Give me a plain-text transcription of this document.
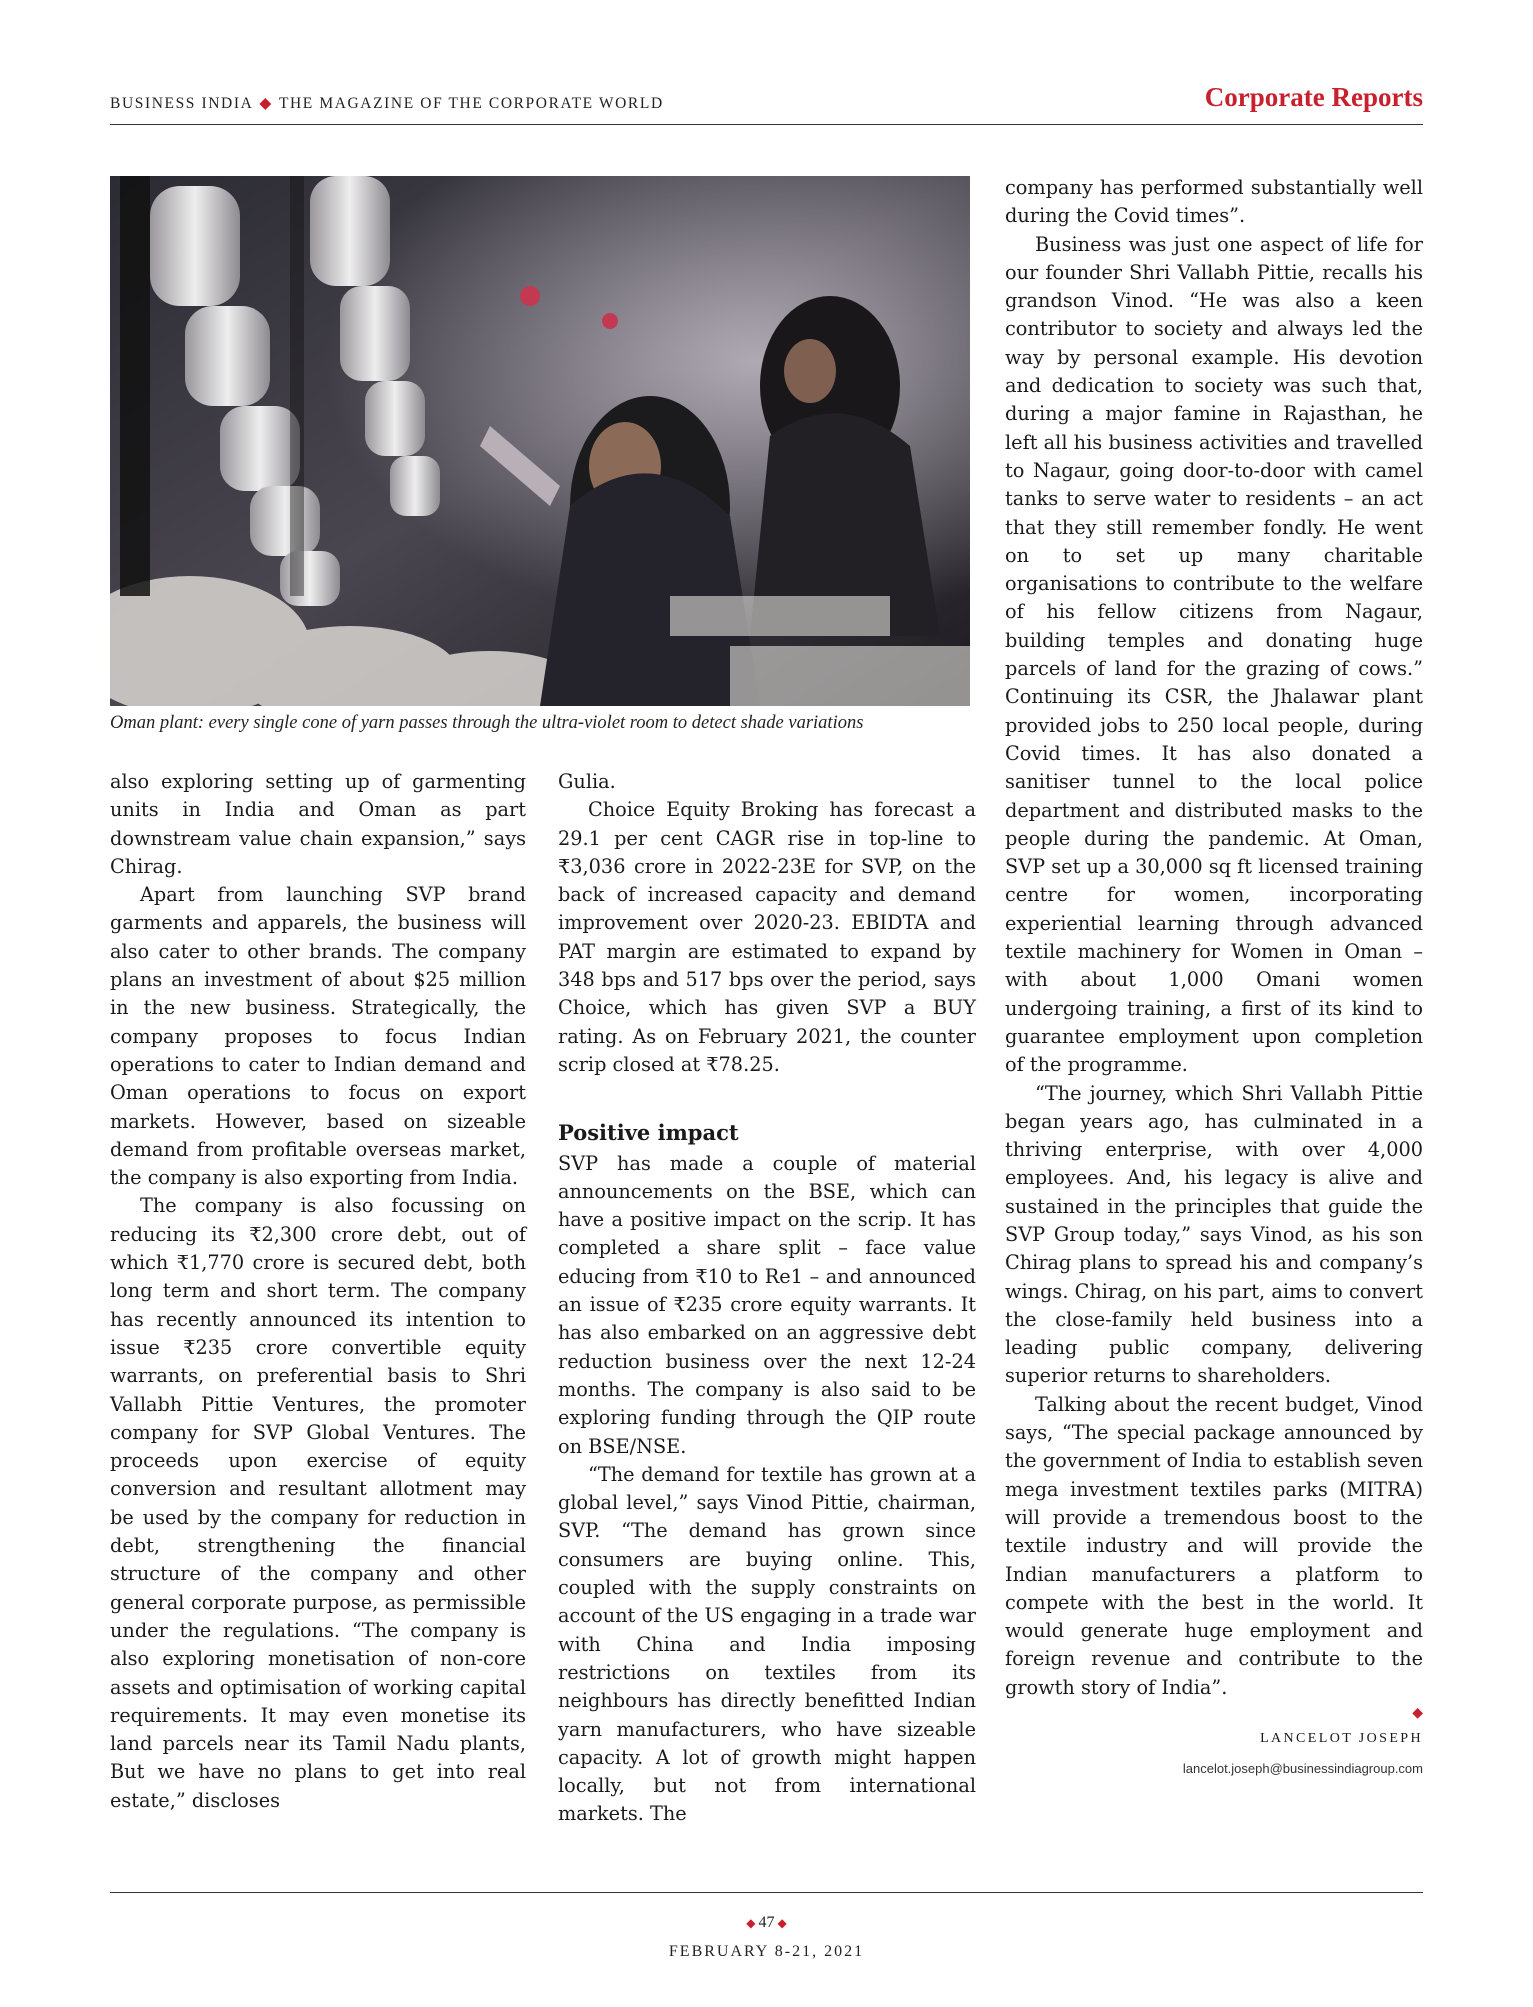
BUSINESS INDIA ◆ THE MAGAZINE OF THE CORPORATE WORLD	Corporate Reports
Oman plant: every single cone of yarn passes through the ultra-violet room to detect shade variations

also exploring setting up of garmenting units in India and Oman as part downstream value chain expansion,” says Chirag.

Apart from launching SVP brand garments and apparels, the business will also cater to other brands. The company plans an investment of about $25 million in the new business. Strategically, the company proposes to focus Indian operations to cater to Indian demand and Oman operations to focus on export markets. However, based on sizeable demand from profitable overseas market, the company is also exporting from India.

The company is also focussing on reducing its ₹2,300 crore debt, out of which ₹1,770 crore is secured debt, both long term and short term. The company has recently announced its intention to issue ₹235 crore convertible equity warrants, on preferential basis to Shri Vallabh Pittie Ventures, the promoter company for SVP Global Ventures. The proceeds upon exercise of equity conversion and resultant allotment may be used by the company for reduction in debt, strengthening the financial structure of the company and other general corporate purpose, as permissible under the regulations. “The company is also exploring monetisation of non-core assets and optimisation of working capital requirements. It may even monetise its land parcels near its Tamil Nadu plants, But we have no plans to get into real estate,” discloses

Gulia.

Choice Equity Broking has forecast a 29.1 per cent CAGR rise in top-line to ₹3,036 crore in 2022-23E for SVP, on the back of increased capacity and demand improvement over 2020-23. EBIDTA and PAT margin are estimated to expand by 348 bps and 517 bps over the period, says Choice, which has given SVP a BUY rating. As on February 2021, the counter scrip closed at ₹78.25.

Positive impact

SVP has made a couple of material announcements on the BSE, which can have a positive impact on the scrip. It has completed a share split – face value educing from ₹10 to Re1 – and announced an issue of ₹235 crore equity warrants. It has also embarked on an aggressive debt reduction business over the next 12-24 months. The company is also said to be exploring funding through the QIP route on BSE/NSE.

“The demand for textile has grown at a global level,” says Vinod Pittie, chairman, SVP. “The demand has grown since consumers are buying online. This, coupled with the supply constraints on account of the US engaging in a trade war with China and India imposing restrictions on textiles from its neighbours has directly benefitted Indian yarn manufacturers, who have sizeable capacity. A lot of growth might happen locally, but not from international markets. The

company has performed substantially well during the Covid times”.

Business was just one aspect of life for our founder Shri Vallabh Pittie, recalls his grandson Vinod. “He was also a keen contributor to society and always led the way by personal example. His devotion and dedication to society was such that, during a major famine in Rajasthan, he left all his business activities and travelled to Nagaur, going door-to-door with camel tanks to serve water to residents – an act that they still remember fondly. He went on to set up many charitable organisations to contribute to the welfare of his fellow citizens from Nagaur, building temples and donating huge parcels of land for the grazing of cows.” Continuing its CSR, the Jhalawar plant provided jobs to 250 local people, during Covid times. It has also donated a sanitiser tunnel to the local police department and distributed masks to the people during the pandemic. At Oman, SVP set up a 30,000 sq ft licensed training centre for women, incorporating experiential learning through advanced textile machinery for Women in Oman – with about 1,000 Omani women undergoing training, a first of its kind to guarantee employment upon completion of the programme.

“The journey, which Shri Vallabh Pittie began years ago, has culminated in a thriving enterprise, with over 4,000 employees. And, his legacy is alive and sustained in the principles that guide the SVP Group today,” says Vinod, as his son Chirag plans to spread his and company’s wings. Chirag, on his part, aims to convert the close-family held business into a leading public company, delivering superior returns to shareholders.

Talking about the recent budget, Vinod says, “The special package announced by the government of India to establish seven mega investment textiles parks (MITRA) will provide a tremendous boost to the textile industry and will provide the Indian manufacturers a platform to compete with the best in the world. It would generate huge employment and foreign revenue and contribute to the growth story of India”.

◆
LANCELOT JOSEPH
lancelot.joseph@businessindiagroup.com
◆ 47 ◆
FEBRUARY 8-21, 2021
